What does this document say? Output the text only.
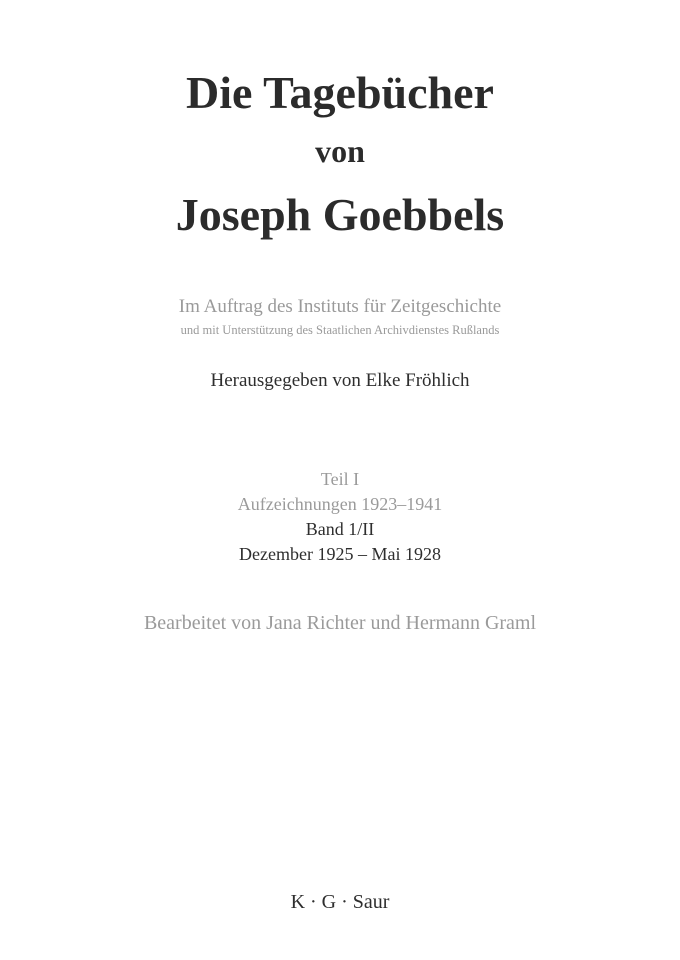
Die Tagebücher
von
Joseph Goebbels
Im Auftrag des Instituts für Zeitgeschichte
und mit Unterstützung des Staatlichen Archivdienstes Rußlands
Herausgegeben von Elke Fröhlich
Teil I
Aufzeichnungen 1923–1941
Band 1/II
Dezember 1925 – Mai 1928
Bearbeitet von Jana Richter und Hermann Graml
K · G · Saur
